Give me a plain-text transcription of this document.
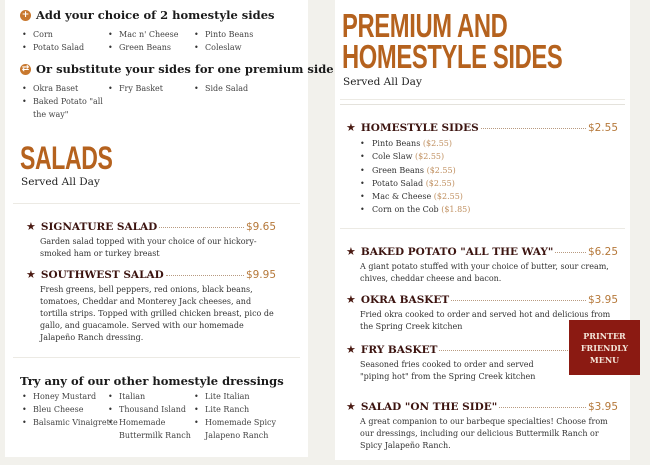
+ Add your choice of 2 homestyle sides
• Corn	• Mac n' Cheese	• Pinto Beans
• Potato Salad	• Green Beans	• Coleslaw
⇄ Or substitute your sides for one premium side
• Okra Baset	• Fry Basket	• Side Salad
• Baked Potato "all the way"
SALADS
Served All Day
★ SIGNATURE SALAD	$9.65
Garden salad topped with your choice of our hickory-smoked ham or turkey breast
★ SOUTHWEST SALAD	$9.95
Fresh greens, bell peppers, red onions, black beans, tomatoes, Cheddar and Monterey Jack cheeses, and tortilla strips. Topped with grilled chicken breast, pico de gallo, and guacamole. Served with our homemade Jalapeño Ranch dressing.
Try any of our other homestyle dressings
• Honey Mustard	• Italian	• Lite Italian
• Bleu Cheese	• Thousand Island	• Lite Ranch
• Balsamic Vinaigrette • Homemade Buttermilk Ranch
• Homemade Spicy Jalapeno Ranch
PREMIUM AND HOMESTYLE SIDES
Served All Day
★ HOMESTYLE SIDES	$2.55
• Pinto Beans ($2.55)
• Cole Slaw ($2.55)
• Green Beans ($2.55)
• Potato Salad ($2.55)
• Mac & Cheese ($2.55)
• Corn on the Cob ($1.85)
★ BAKED POTATO "ALL THE WAY"	$6.25
A giant potato stuffed with your choice of butter, sour cream, chives, cheddar cheese and bacon.
★ OKRA BASKET	$3.95
Fried okra cooked to order and served hot and delicious from the Spring Creek kitchen
★ FRY BASKET
Seasoned fries cooked to order and served "piping hot" from the Spring Creek kitchen
★ SALAD "ON THE SIDE"	$3.95
A great companion to our barbeque specialties! Choose from our dressings, including our delicious Buttermilk Ranch or Spicy Jalapeño Ranch.
PRINTER
FRIENDLY
MENU
